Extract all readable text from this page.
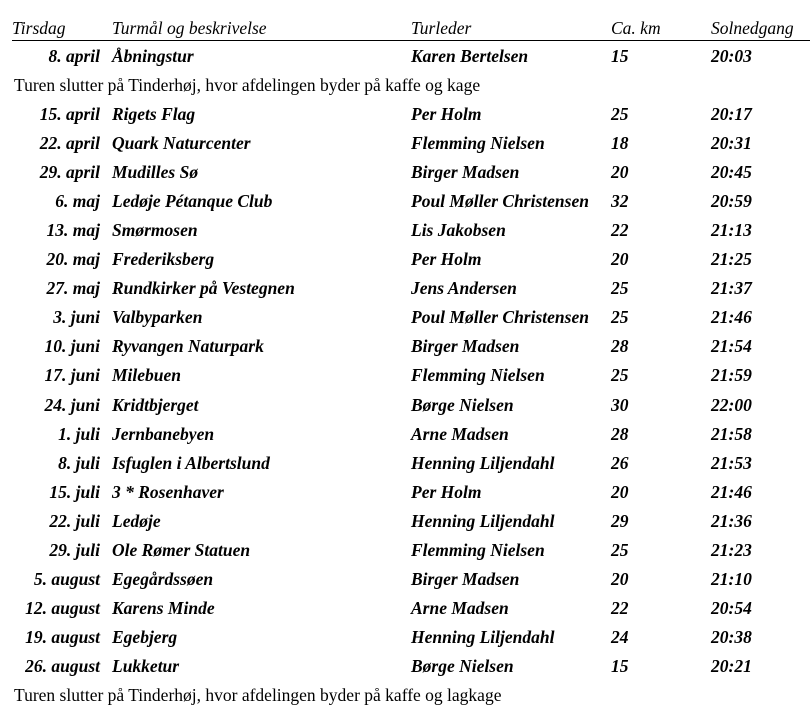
Tirsdag	Turmål og beskrivelse	Turleder	Ca. km	Solnedgang
8. april Åbningstur	Karen Bertelsen	15	20:03
15. april Rigets Flag	Per Holm	25	20:17
22. april Quark Naturcenter	Flemming Nielsen	18	20:31
29. april Mudilles Sø	Birger Madsen	20	20:45
6. maj Ledøje Pétanque Club	Poul Møller Christensen 32	20:59
13. maj Smørmosen	Lis Jakobsen	22	21:13
20. maj Frederiksberg	Per Holm	20	21:25
27. maj Rundkirker på Vestegnen	Jens Andersen	25	21:37
3. juni Valbyparken	Poul Møller Christensen 25	21:46
10. juni Ryvangen Naturpark	Birger Madsen	28	21:54
17. juni Milebuen	Flemming Nielsen	25	21:59
24. juni Kridtbjerget	Børge Nielsen	30	22:00
1. juli Jernbanebyen	Arne Madsen	28	21:58
8. juli Isfuglen i Albertslund	Henning Liljendahl	26	21:53
15. juli 3 * Rosenhaver	Per Holm	20	21:46
22. juli Ledøje	Henning Liljendahl	29	21:36
29. juli Ole Rømer Statuen	Flemming Nielsen	25	21:23
5. august Egegårdssøen	Birger Madsen	20	21:10
12. august Karens Minde	Arne Madsen	22	20:54
19. august Egebjerg	Henning Liljendahl	24	20:38
26. august Lukketur	Børge Nielsen	15	20:21
Turen slutter på Tinderhøj, hvor afdelingen byder på kaffe og kage
Turen slutter på Tinderhøj, hvor afdelingen byder på kaffe og lagkage
